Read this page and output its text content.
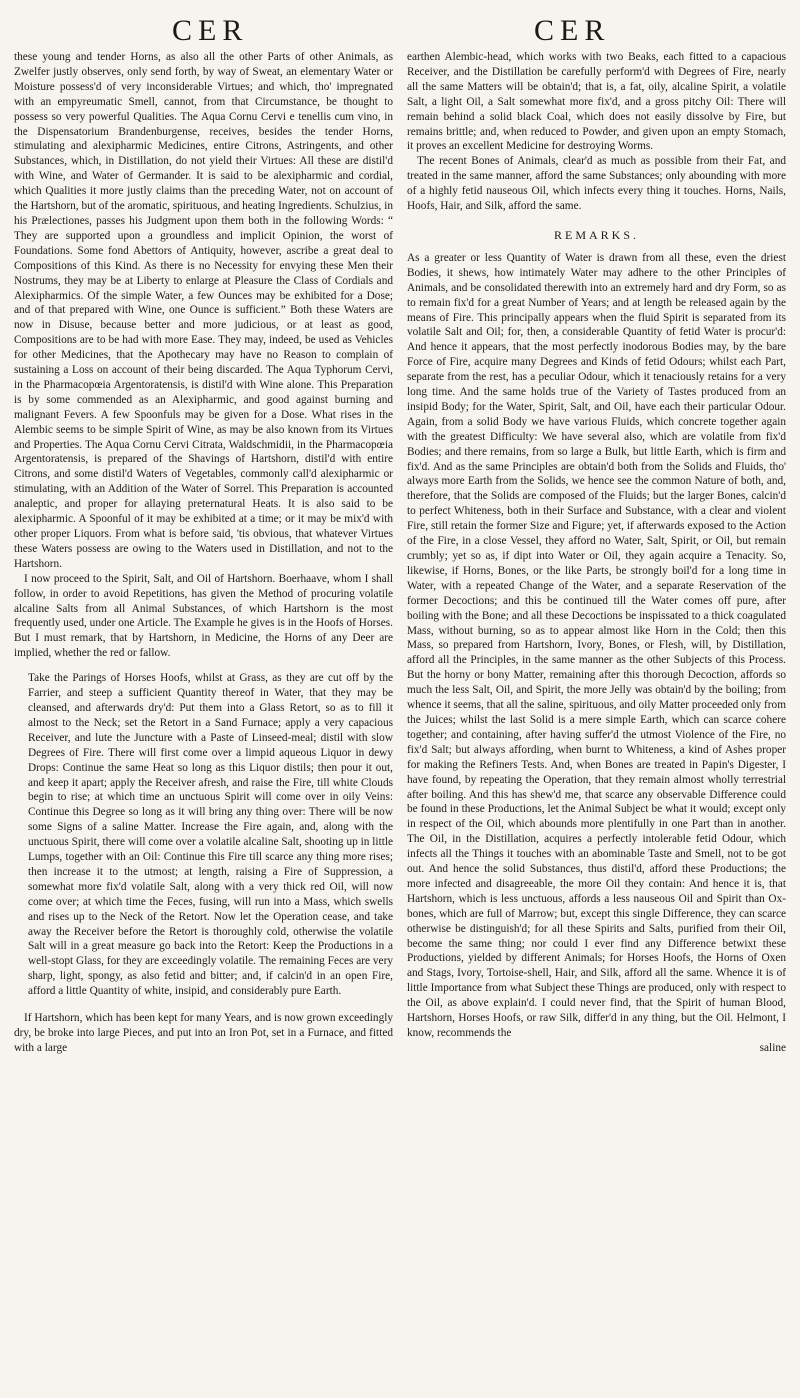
CER	CER

these young and tender Horns, as also all the other Parts of other Animals, as Zwelfer justly observes, only send forth, by way of Sweat, an elementary Water or Moisture possess'd of very inconsiderable Virtues; and which, tho' impregnated with an empyreumatic Smell, cannot, from that Circumstance, be thought to possess so very powerful Qualities. The Aqua Cornu Cervi e tenellis cum vino, in the Dispensatorium Brandenburgense, receives, besides the tender Horns, stimulating and alexipharmic Medicines, entire Citrons, Astringents, and other Substances, which, in Distillation, do not yield their Virtues: All these are distil'd with Wine, and Water of Germander. It is said to be alexipharmic and cordial, which Qualities it more justly claims than the preceding Water, not on account of the Hartshorn, but of the aromatic, spirituous, and heating Ingredients. Schulzius, in his Prælectiones, passes his Judgment upon them both in the following Words: “ They are supported upon a groundless and implicit Opinion, the worst of Foundations. Some fond Abettors of Antiquity, however, ascribe a great deal to Compositions of this Kind. As there is no Necessity for envying these Men their Nostrums, they may be at Liberty to enlarge at Pleasure the Class of Cordials and Alexipharmics. Of the simple Water, a few Ounces may be exhibited for a Dose; and of that prepared with Wine, one Ounce is sufficient.” Both these Waters are now in Disuse, because better and more judicious, or at least as good, Compositions are to be had with more Ease. They may, indeed, be used as Vehicles for other Medicines, that the Apothecary may have no Reason to complain of sustaining a Loss on account of their being discarded. The Aqua Typhorum Cervi, in the Pharmacopœia Argentoratensis, is distil'd with Wine alone. This Preparation is by some commended as an Alexipharmic, and good against burning and malignant Fevers. A few Spoonfuls may be given for a Dose. What rises in the Alembic seems to be simple Spirit of Wine, as may be also known from its Virtues and Properties. The Aqua Cornu Cervi Citrata, Waldschmidii, in the Pharmacopœia Argentoratensis, is prepared of the Shavings of Hartshorn, distil'd with entire Citrons, and some distil'd Waters of Vegetables, commonly call'd alexipharmic or stimulating, with an Addition of the Water of Sorrel. This Preparation is accounted analeptic, and proper for allaying preternatural Heats. It is also said to be alexipharmic. A Spoonful of it may be exhibited at a time; or it may be mix'd with other proper Liquors. From what is before said, 'tis obvious, that whatever Virtues these Waters possess are owing to the Waters used in Distillation, and not to the Hartshorn.

I now proceed to the Spirit, Salt, and Oil of Hartshorn. Boerhaave, whom I shall follow, in order to avoid Repetitions, has given the Method of procuring volatile alcaline Salts from all Animal Substances, of which Hartshorn is the most frequently used, under one Article. The Example he gives is in the Hoofs of Horses. But I must remark, that by Hartshorn, in Medicine, the Horns of any Deer are implied, whether the red or fallow.

Take the Parings of Horses Hoofs, whilst at Grass, as they are cut off by the Farrier, and steep a sufficient Quantity thereof in Water, that they may be cleansed, and afterwards dry'd: Put them into a Glass Retort, so as to fill it almost to the Neck; set the Retort in a Sand Furnace; apply a very capacious Receiver, and lute the Juncture with a Paste of Linseed-meal; distil with slow Degrees of Fire. There will first come over a limpid aqueous Liquor in dewy Drops: Continue the same Heat so long as this Liquor distils; then pour it out, and keep it apart; apply the Receiver afresh, and raise the Fire, till white Clouds begin to rise; at which time an unctuous Spirit will come over in oily Veins: Continue this Degree so long as it will bring any thing over: There will be now some Signs of a saline Matter. Increase the Fire again, and, along with the unctuous Spirit, there will come over a volatile alcaline Salt, shooting up in little Lumps, together with an Oil: Continue this Fire till scarce any thing more rises; then increase it to the utmost; at length, raising a Fire of Suppression, a somewhat more fix'd volatile Salt, along with a very thick red Oil, will now come over; at which time the Feces, fusing, will run into a Mass, which swells and rises up to the Neck of the Retort. Now let the Operation cease, and take away the Receiver before the Retort is thoroughly cold, otherwise the volatile Salt will in a great measure go back into the Retort: Keep the Productions in a well-stopt Glass, for they are exceedingly volatile. The remaining Feces are very sharp, light, spongy, as also fetid and bitter; and, if calcin'd in an open Fire, afford a little Quantity of white, insipid, and considerably pure Earth.

If Hartshorn, which has been kept for many Years, and is now grown exceedingly dry, be broke into large Pieces, and put into an Iron Pot, set in a Furnace, and fitted with a large

earthen Alembic-head, which works with two Beaks, each fitted to a capacious Receiver, and the Distillation be carefully perform'd with Degrees of Fire, nearly all the same Matters will be obtain'd; that is, a fat, oily, alcaline Spirit, a volatile Salt, a light Oil, a Salt somewhat more fix'd, and a gross pitchy Oil: There will remain behind a solid black Coal, which does not easily dissolve by Fire, but remains brittle; and, when reduced to Powder, and given upon an empty Stomach, it proves an excellent Medicine for destroying Worms.

The recent Bones of Animals, clear'd as much as possible from their Fat, and treated in the same manner, afford the same Substances; only abounding with more of a highly fetid nauseous Oil, which infects every thing it touches. Horns, Nails, Hoofs, Hair, and Silk, afford the same.

REMARKS.

As a greater or less Quantity of Water is drawn from all these, even the driest Bodies, it shews, how intimately Water may adhere to the other Principles of Animals, and be consolidated therewith into an extremely hard and dry Form, so as to remain fix'd for a great Number of Years; and at length be released again by the means of Fire. This principally appears when the fluid Spirit is separated from its volatile Salt and Oil; for, then, a considerable Quantity of fetid Water is procur'd: And hence it appears, that the most perfectly inodorous Bodies may, by the bare Force of Fire, acquire many Degrees and Kinds of fetid Odours; whilst each Part, separate from the rest, has a peculiar Odour, which it tenaciously retains for a very long time. And the same holds true of the Variety of Tastes produced from an insipid Body; for the Water, Spirit, Salt, and Oil, have each their particular Odour. Again, from a solid Body we have various Fluids, which concrete together again with the greatest Difficulty: We have several also, which are volatile from fix'd Bodies; and there remains, from so large a Bulk, but little Earth, which is firm and fix'd. And as the same Principles are obtain'd both from the Solids and Fluids, tho' always more Earth from the Solids, we hence see the common Nature of both, and, therefore, that the Solids are composed of the Fluids; but the larger Bones, calcin'd to perfect Whiteness, both in their Surface and Substance, with a clear and violent Fire, still retain the former Size and Figure; yet, if afterwards exposed to the Action of the Fire, in a close Vessel, they afford no Water, Salt, Spirit, or Oil, but remain crumbly; yet so as, if dipt into Water or Oil, they again acquire a Tenacity. So, likewise, if Horns, Bones, or the like Parts, be strongly boil'd for a long time in Water, with a repeated Change of the Water, and a separate Reservation of the former Decoctions; and this be continued till the Water comes off pure, after boiling with the Bone; and all these Decoctions be inspissated to a thick coagulated Mass, without burning, so as to appear almost like Horn in the Cold; then this Mass, so prepared from Hartshorn, Ivory, Bones, or Flesh, will, by Distillation, afford all the Principles, in the same manner as the other Subjects of this Process. But the horny or bony Matter, remaining after this thorough Decoction, affords so much the less Salt, Oil, and Spirit, the more Jelly was obtain'd by the boiling; from whence it seems, that all the saline, spirituous, and oily Matter proceeded only from the Juices; whilst the last Solid is a mere simple Earth, which can scarce cohere together; and containing, after having suffer'd the utmost Violence of the Fire, no fix'd Salt; but always affording, when burnt to Whiteness, a kind of Ashes proper for making the Refiners Tests. And, when Bones are treated in Papin's Digester, I have found, by repeating the Operation, that they remain almost wholly terrestrial after boiling. And this has shew'd me, that scarce any observable Difference could be found in these Productions, let the Animal Subject be what it would; except only in respect of the Oil, which abounds more plentifully in one Part than in another. The Oil, in the Distillation, acquires a perfectly intolerable fetid Odour, which infects all the Things it touches with an abominable Taste and Smell, not to be got out. And hence the solid Substances, thus distil'd, afford these Productions; the more infected and disagreeable, the more Oil they contain: And hence it is, that Hartshorn, which is less unctuous, affords a less nauseous Oil and Spirit than Ox-bones, which are full of Marrow; but, except this single Difference, they can scarce otherwise be distinguish'd; for all these Spirits and Salts, purified from their Oil, become the same thing; nor could I ever find any Difference betwixt these Productions, yielded by different Animals; for Horses Hoofs, the Horns of Oxen and Stags, Ivory, Tortoise-shell, Hair, and Silk, afford all the same. Whence it is of little Importance from what Subject these Things are produced, only with respect to the Oil, as above explain'd. I could never find, that the Spirit of human Blood, Hartshorn, Horses Hoofs, or raw Silk, differ'd in any thing, but the Oil. Helmont, I know, recommends the

saline
